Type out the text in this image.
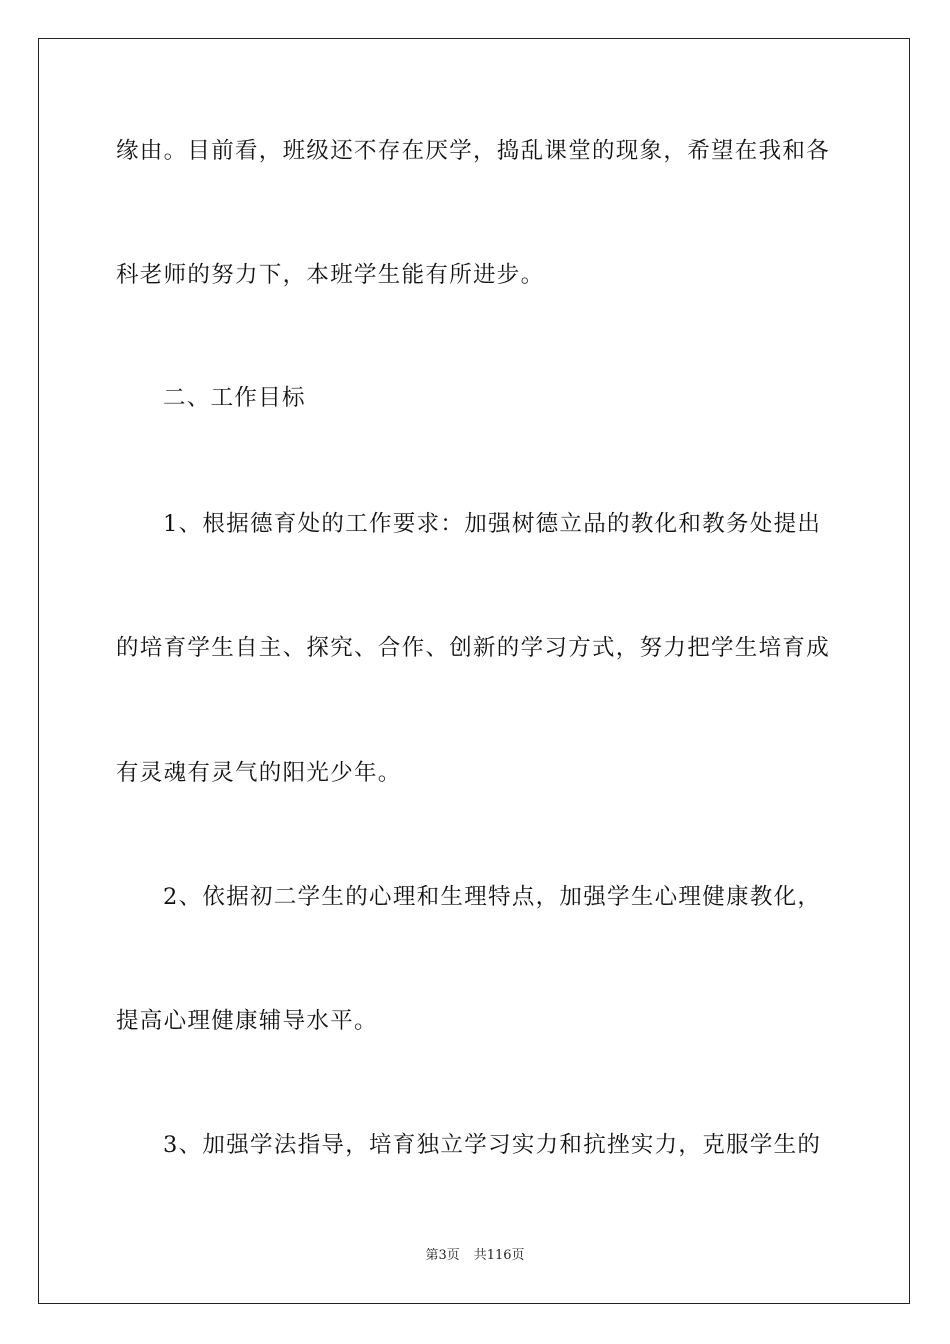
缘由。目前看，班级还不存在厌学，捣乱课堂的现象，希望在我和各
科老师的努力下，本班学生能有所进步。
二、工作目标
1、根据德育处的工作要求：加强树德立品的教化和教务处提出
的培育学生自主、探究、合作、创新的学习方式，努力把学生培育成
有灵魂有灵气的阳光少年。
2、依据初二学生的心理和生理特点，加强学生心理健康教化，
提高心理健康辅导水平。
3、加强学法指导，培育独立学习实力和抗挫实力，克服学生的
第3页 共116页
